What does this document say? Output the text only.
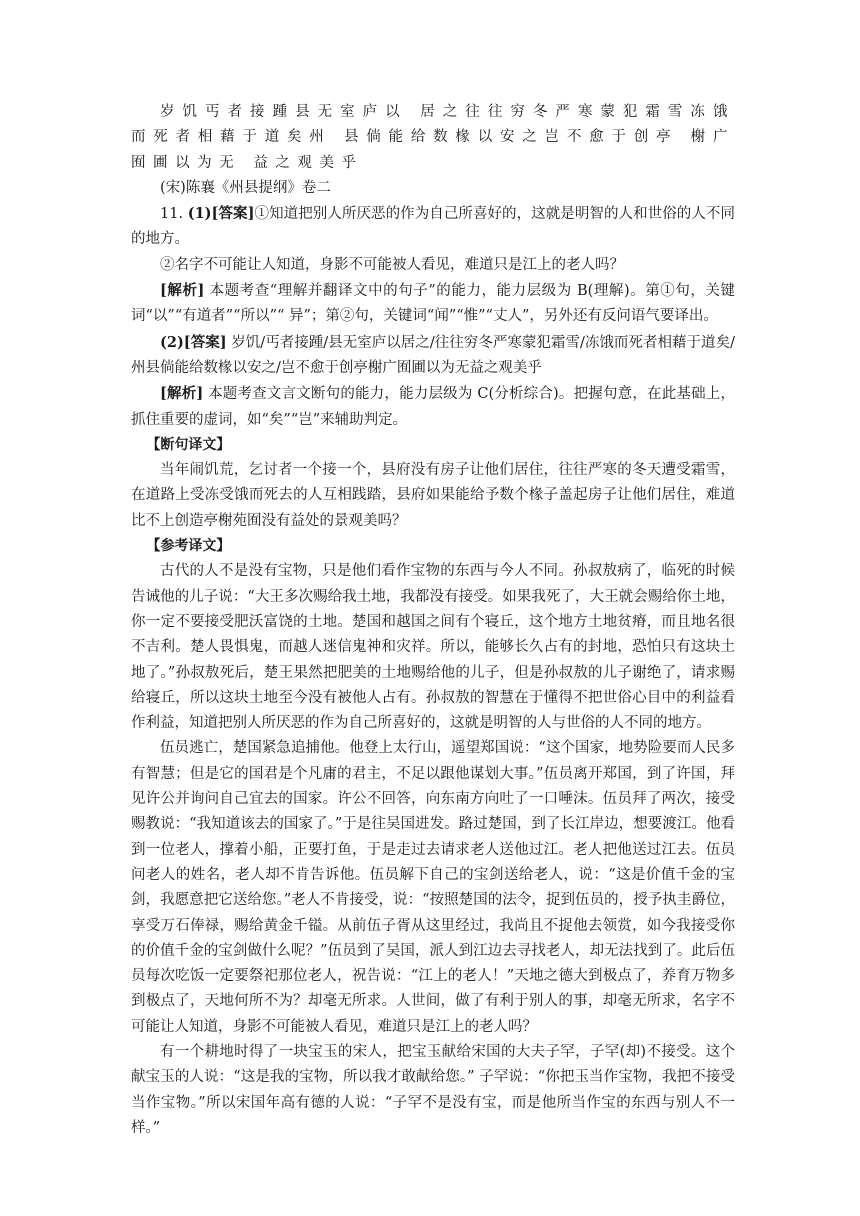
岁饥丐者接踵县无室庐以 居之往往穷冬严寒蒙犯霜雪冻饿而死者相藉于道矣州 县倘能给数椽以安之岂不愈于创亭 榭广囿圃以为无 益之观美乎

(宋)陈襄《州县提纲》卷二

11. (1)[答案]①知道把别人所厌恶的作为自己所喜好的，这就是明智的人和世俗的人不同的地方。

②名字不可能让人知道，身影不可能被人看见，难道只是江上的老人吗？

[解析] 本题考查“理解并翻译文中的句子”的能力，能力层级为 B(理解)。第①句，关键词“以”“有道者”“所以”“ 异”；第②句，关键词“闻”“惟”“丈人”，另外还有反问语气要译出。

(2)[答案] 岁饥/丐者接踵/县无室庐以居之/往往穷冬严寒蒙犯霜雪/冻饿而死者相藉于道矣/州县倘能给数椽以安之/岂不愈于创亭榭广囿圃以为无益之观美乎

[解析] 本题考查文言文断句的能力，能力层级为 C(分析综合)。把握句意，在此基础上，抓住重要的虚词，如“矣”“岂”来辅助判定。

【断句译文】

当年闹饥荒，乞讨者一个接一个，县府没有房子让他们居住，往往严寒的冬天遭受霜雪，在道路上受冻受饿而死去的人互相践踏，县府如果能给予数个椽子盖起房子让他们居住，难道比不上创造亭榭苑囿没有益处的景观美吗？

【参考译文】

古代的人不是没有宝物，只是他们看作宝物的东西与今人不同。孙叔敖病了，临死的时候告诫他的儿子说：“大王多次赐给我土地，我都没有接受。如果我死了，大王就会赐给你土地，你一定不要接受肥沃富饶的土地。楚国和越国之间有个寝丘，这个地方土地贫瘠，而且地名很不吉利。楚人畏惧鬼，而越人迷信鬼神和灾祥。所以，能够长久占有的封地，恐怕只有这块土地了。”孙叔敖死后，楚王果然把肥美的土地赐给他的儿子，但是孙叔敖的儿子谢绝了，请求赐给寝丘，所以这块土地至今没有被他人占有。孙叔敖的智慧在于懂得不把世俗心目中的利益看作利益，知道把别人所厌恶的作为自己所喜好的，这就是明智的人与世俗的人不同的地方。

伍员逃亡，楚国紧急追捕他。他登上太行山，遥望郑国说：“这个国家，地势险要而人民多有智慧；但是它的国君是个凡庸的君主，不足以跟他谋划大事。”伍员离开郑国，到了许国，拜见许公并询问自己宜去的国家。许公不回答，向东南方向吐了一口唾沫。伍员拜了两次，接受赐教说：“我知道该去的国家了。”于是往吴国进发。路过楚国，到了长江岸边，想要渡江。他看到一位老人，撑着小船，正要打鱼，于是走过去请求老人送他过江。老人把他送过江去。伍员问老人的姓名，老人却不肯告诉他。伍员解下自己的宝剑送给老人，说：“这是价值千金的宝剑，我愿意把它送给您。”老人不肯接受，说：“按照楚国的法令，捉到伍员的，授予执圭爵位，享受万石俸禄，赐给黄金千镒。从前伍子胥从这里经过，我尚且不捉他去领赏，如今我接受你的价值千金的宝剑做什么呢？”伍员到了吴国，派人到江边去寻找老人，却无法找到了。此后伍员每次吃饭一定要祭祀那位老人，祝告说：“江上的老人！”天地之德大到极点了，养育万物多到极点了，天地何所不为？却毫无所求。人世间，做了有利于别人的事，却毫无所求，名字不可能让人知道，身影不可能被人看见，难道只是江上的老人吗？

有一个耕地时得了一块宝玉的宋人，把宝玉献给宋国的大夫子罕，子罕(却)不接受。这个献宝玉的人说：“这是我的宝物，所以我才敢献给您。” 子罕说：“你把玉当作宝物，我把不接受当作宝物。”所以宋国年高有德的人说：“子罕不是没有宝，而是他所当作宝的东西与别人不一样。”
